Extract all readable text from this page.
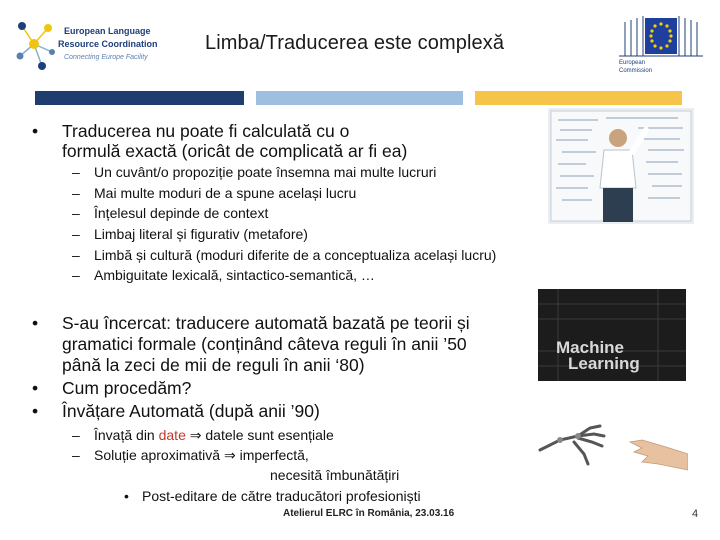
European Language
Resource Coordination
Connecting Europe Facility
Limba/Traducerea este complexă
European
Commission
Machine
Learning
• Traducerea nu poate fi calculată cu o
formulă exactă (oricât de complicată ar fi ea)
– Un cuvânt/o propoziție poate însemna mai multe lucruri
– Mai multe moduri de a spune același lucru
– Înțelesul depinde de context
– Limbaj literal și figurativ (metafore)
– Limbă și cultură (moduri diferite de a conceptualiza același lucru)
– Ambiguitate lexicală, sintactico-semantică, …
• S-au încercat: traducere automată bazată pe teorii și
gramatici formale (conținând câteva reguli în anii ’50
până la zeci de mii de reguli în anii ‘80)
• Cum procedăm?
• Învățare Automată (după anii ’90)
– Învață din date ⇒ datele sunt esențiale
– Soluție aproximativă ⇒ imperfectă,
necesită îmbunătățiri
• Post-editare de către traducători profesioniști
Atelierul ELRC în România, 23.03.16	4
